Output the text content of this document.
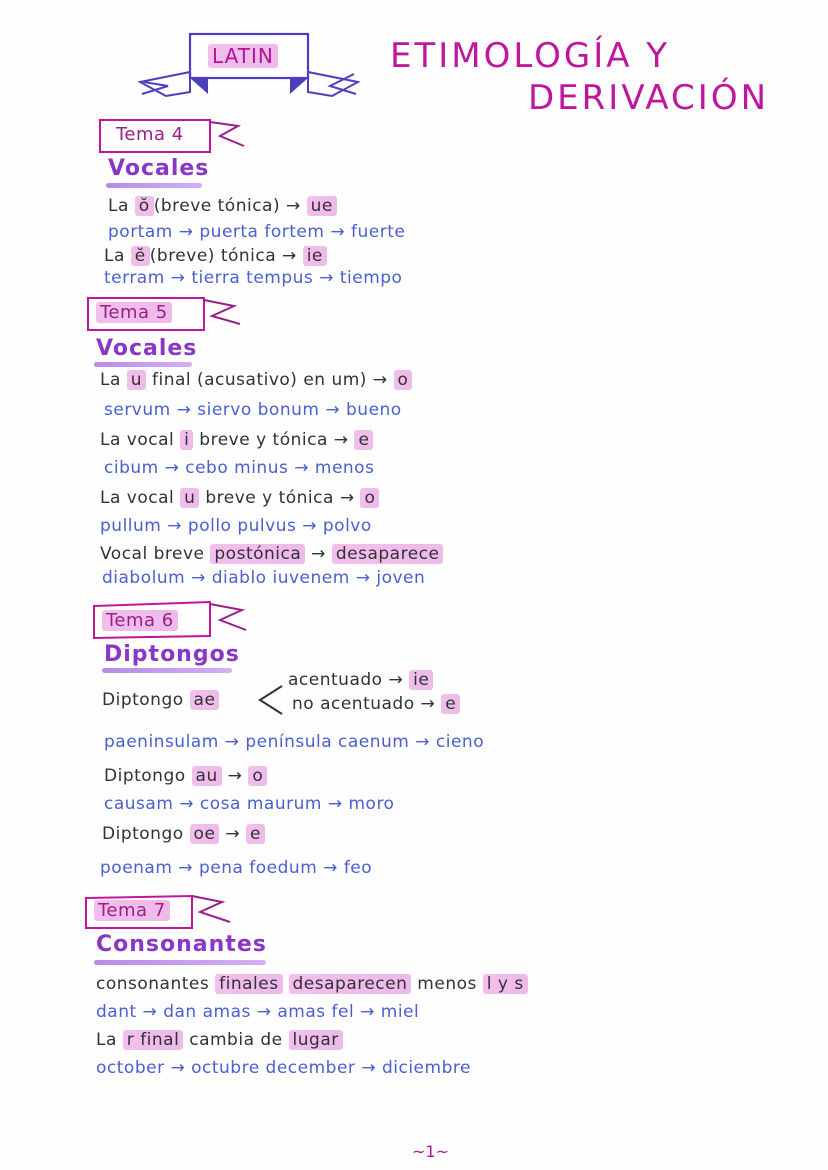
LATIN	ETIMOLOGÍA Y
DERIVACIÓN
Tema 4
Vocales
La ŏ (breve tónica) → ue
portam → puerta fortem → fuerte
La ĕ (breve) tónica → ie
terram → tierra tempus → tiempo
Tema 5
Vocales
La u final (acusativo) en um) → o
servum → siervo bonum → bueno
La vocal i breve y tónica → e
cibum → cebo minus → menos
La vocal u breve y tónica → o
pullum → pollo pulvus → polvo
Vocal breve postónica → desaparece
diabolum → diablo iuvenem → joven
Tema 6
Diptongos
Diptongo ae
acentuado → ie
no acentuado → e
paeninsulam → península caenum → cieno
Diptongo au → o
causam → cosa maurum → moro
Diptongo oe → e
poenam → pena foedum → feo
Tema 7
Consonantes
consonantes finales desaparecen menos l y s
dant → dan amas → amas fel → miel
La r final cambia de lugar
october → octubre december → diciembre
~1~
